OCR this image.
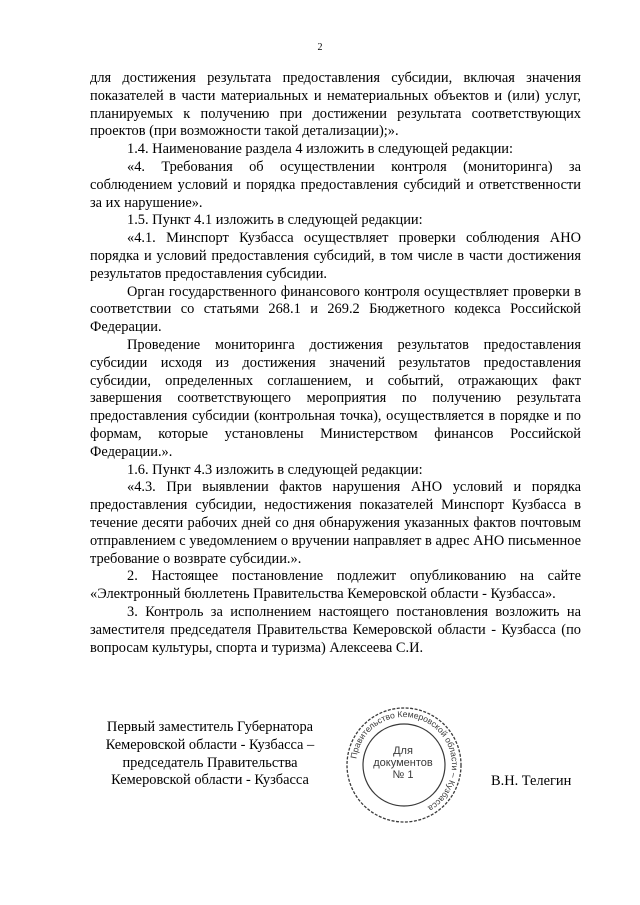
2

для достижения результата предоставления субсидии, включая значения показателей в части материальных и нематериальных объектов и (или) услуг, планируемых к получению при достижении результата соответствующих проектов (при возможности такой детализации);».

1.4. Наименование раздела 4 изложить в следующей редакции:

«4. Требования об осуществлении контроля (мониторинга) за соблюдением условий и порядка предоставления субсидий и ответственности за их нарушение».

1.5. Пункт 4.1 изложить в следующей редакции:

«4.1. Минспорт Кузбасса осуществляет проверки соблюдения АНО порядка и условий предоставления субсидий, в том числе в части достижения результатов предоставления субсидии.

Орган государственного финансового контроля осуществляет проверки в соответствии со статьями 268.1 и 269.2 Бюджетного кодекса Российской Федерации.

Проведение мониторинга достижения результатов предоставления субсидии исходя из достижения значений результатов предоставления субсидии, определенных соглашением, и событий, отражающих факт завершения соответствующего мероприятия по получению результата предоставления субсидии (контрольная точка), осуществляется в порядке и по формам, которые установлены Министерством финансов Российской Федерации.».

1.6. Пункт 4.3 изложить в следующей редакции:

«4.3. При выявлении фактов нарушения АНО условий и порядка предоставления субсидии, недостижения показателей Минспорт Кузбасса в течение десяти рабочих дней со дня обнаружения указанных фактов почтовым отправлением с уведомлением о вручении направляет в адрес АНО письменное требование о возврате субсидии.».

2. Настоящее постановление подлежит опубликованию на сайте «Электронный бюллетень Правительства Кемеровской области - Кузбасса».

3. Контроль за исполнением настоящего постановления возложить на заместителя председателя Правительства Кемеровской области - Кузбасса (по вопросам культуры, спорта и туризма) Алексеева С.И.

Первый заместитель Губернатора
Кемеровской области - Кузбасса –
председатель Правительства
Кемеровской области - Кузбасса
Правительство Кемеровской области – Кузбасса
Для
документов
№ 1	В.Н. Телегин
